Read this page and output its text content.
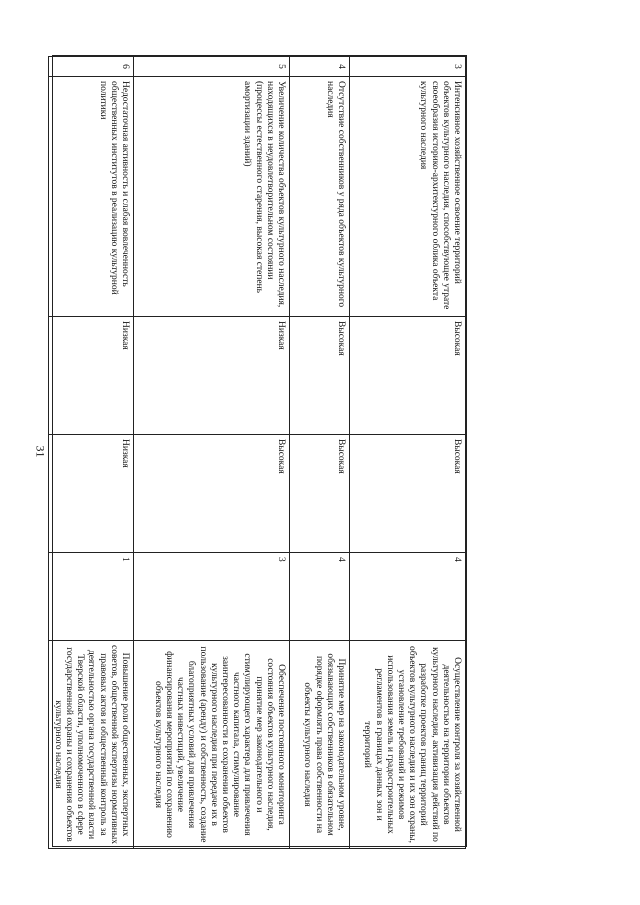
31
3	Интенсивное хозяйственное освоение территорий объектов культурного наследия, способствующее утрате своеобразия историко-архитектурного облика объекта культурного наследия	Высокая	Высокая	4	Осуществление контроля за хозяйственной деятельностью на территории объектов культурного наследия, активизация действий по разработке проектов границ территорий объектов культурного наследия и их зон охраны, установление требований и режимов использования земель и градостроительных регламентов в границах данных зон и территорий
4	Отсутствие собственников у ряда объектов культурного наследия	Высокая	Высокая	4	Принятие мер на законодательном уровне, обязывающих собственников в обязательном порядке оформлять права собственности на объекты культурного наследия
5	Увеличение количества объектов культурного наследия, находящихся в неудовлетворительном состоянии (процессы естественного старения, высокая степень амортизации зданий)	Низкая	Высокая	3	Обеспечение постоянного мониторинга состояния объектов культурного наследия, принятие мер законодательного и стимулирующего характера для привлечения частного капитала, стимулирование заинтересованности в сохранении объектов культурного наследия при передаче их в пользование (аренду) и собственность, создание благоприятных условий для привлечения частных инвестиций, увеличение финансирования мероприятий по сохранению объектов культурного наследия
6	Недостаточная активность и слабая вовлеченность общественных институтов в реализацию культурной политики	Низкая	Низкая	1	Повышение роли общественных, экспертных советов, общественной экспертизы нормативных правовых актов и общественный контроль за деятельностью органа государственной власти Тверской области, уполномоченного в сфере государственной охраны и сохранения объектов культурного наследия
